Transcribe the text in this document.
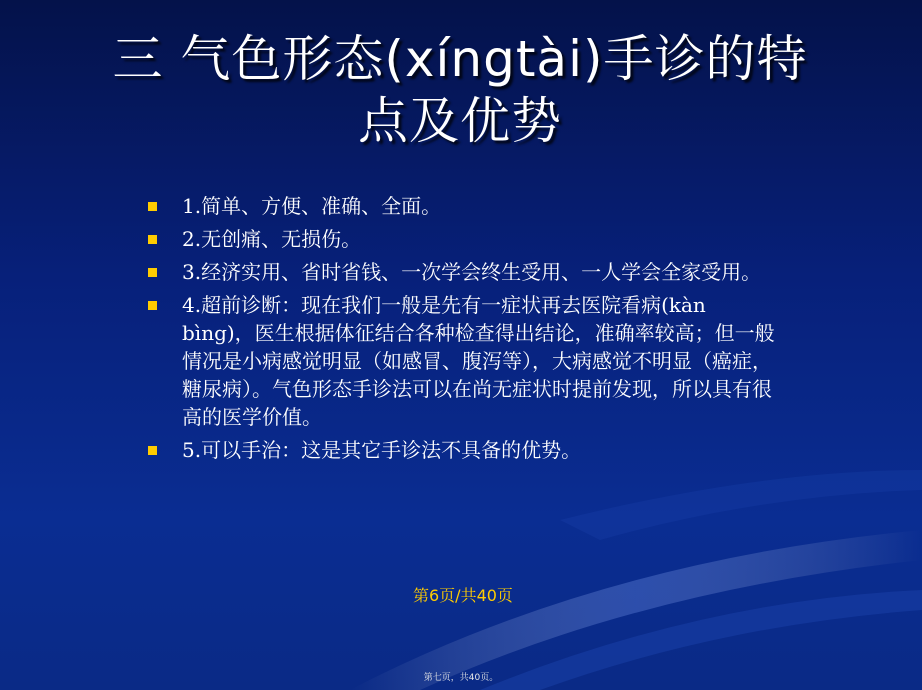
三 气色形态(xíngtài)手诊的特
点及优势
1.简单、方便、准确、全面。
2.无创痛、无损伤。
3.经济实用、省时省钱、一次学会终生受用、一人学会全家受用。
4.超前诊断：现在我们一般是先有一症状再去医院看病(kàn bìng)，医生根据体征结合各种检查得出结论，准确率较高；但一般情况是小病感觉明显（如感冒、腹泻等），大病感觉不明显（癌症，糖尿病）。气色形态手诊法可以在尚无症状时提前发现，所以具有很高的医学价值。
5.可以手治：这是其它手诊法不具备的优势。
第6页/共40页
第七页，共40页。
